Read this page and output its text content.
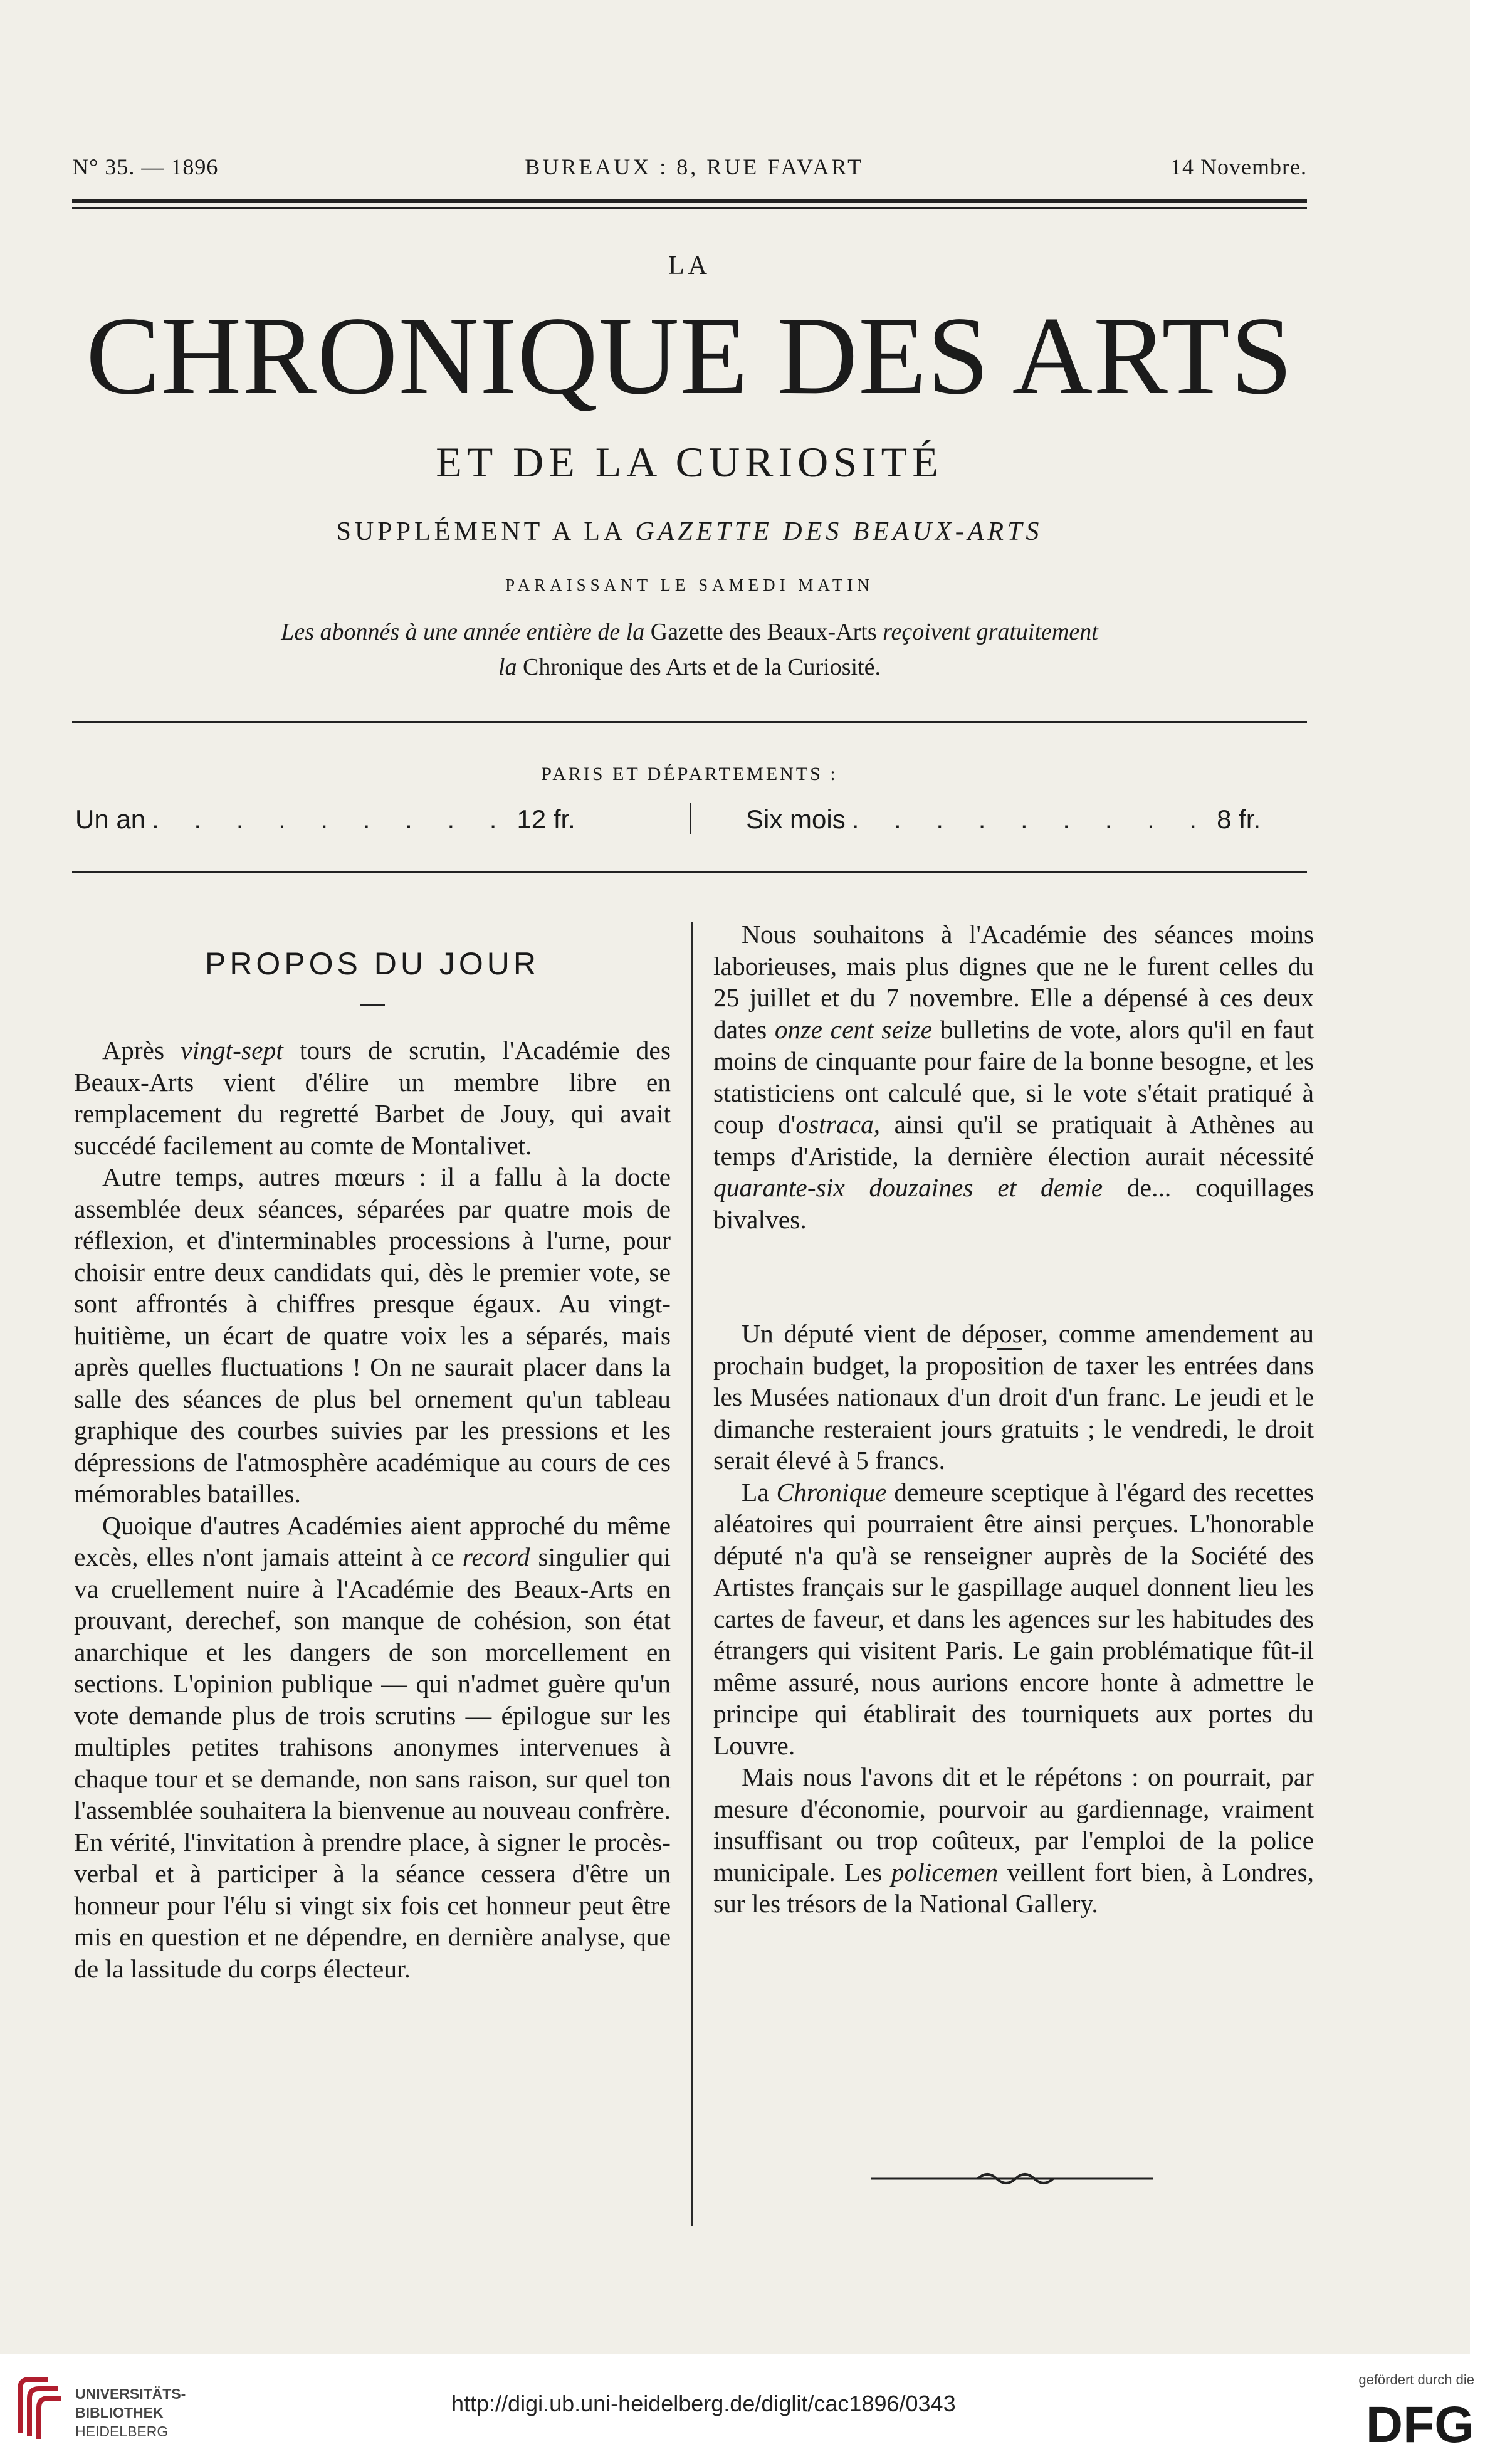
N° 35. — 1896	BUREAUX : 8, RUE FAVART	14 Novembre.
LA
CHRONIQUE DES ARTS
ET DE LA CURIOSITÉ
SUPPLÉMENT A LA GAZETTE DES BEAUX-ARTS
PARAISSANT LE SAMEDI MATIN
Les abonnés à une année entière de la Gazette des Beaux-Arts reçoivent gratuitement
la Chronique des Arts et de la Curiosité.
PARIS ET DÉPARTEMENTS :
Un an . . . . . . . . . 12 fr.	Six mois . . . . . . . . . 8 fr.
PROPOS DU JOUR

Après vingt-sept tours de scrutin, l'Académie des Beaux-Arts vient d'élire un membre libre en remplacement du regretté Barbet de Jouy, qui avait succédé facilement au comte de Montalivet.

Autre temps, autres mœurs : il a fallu à la docte assemblée deux séances, séparées par quatre mois de réflexion, et d'interminables processions à l'urne, pour choisir entre deux candidats qui, dès le premier vote, se sont affrontés à chiffres presque égaux. Au vingt-huitième, un écart de quatre voix les a séparés, mais après quelles fluctuations ! On ne saurait placer dans la salle des séances de plus bel ornement qu'un tableau graphique des courbes suivies par les pressions et les dépressions de l'atmosphère académique au cours de ces mémorables batailles.

Quoique d'autres Académies aient approché du même excès, elles n'ont jamais atteint à ce record singulier qui va cruellement nuire à l'Académie des Beaux-Arts en prouvant, derechef, son manque de cohésion, son état anarchique et les dangers de son morcellement en sections. L'opinion publique — qui n'admet guère qu'un vote demande plus de trois scrutins — épilogue sur les multiples petites trahisons anonymes intervenues à chaque tour et se demande, non sans raison, sur quel ton l'assemblée souhaitera la bienvenue au nouveau confrère. En vérité, l'invitation à prendre place, à signer le procès-verbal et à participer à la séance cessera d'être un honneur pour l'élu si vingt six fois cet honneur peut être mis en question et ne dépendre, en dernière analyse, que de la lassitude du corps électeur.

Nous souhaitons à l'Académie des séances moins laborieuses, mais plus dignes que ne le furent celles du 25 juillet et du 7 novembre. Elle a dépensé à ces deux dates onze cent seize bulletins de vote, alors qu'il en faut moins de cinquante pour faire de la bonne besogne, et les statisticiens ont calculé que, si le vote s'était pratiqué à coup d'ostraca, ainsi qu'il se pratiquait à Athènes au temps d'Aristide, la dernière élection aurait nécessité quarante-six douzaines et demie de... coquillages bivalves.

Un député vient de déposer, comme amendement au prochain budget, la proposition de taxer les entrées dans les Musées nationaux d'un droit d'un franc. Le jeudi et le dimanche resteraient jours gratuits ; le vendredi, le droit serait élevé à 5 francs.

La Chronique demeure sceptique à l'égard des recettes aléatoires qui pourraient être ainsi perçues. L'honorable député n'a qu'à se renseigner auprès de la Société des Artistes français sur le gaspillage auquel donnent lieu les cartes de faveur, et dans les agences sur les habitudes des étrangers qui visitent Paris. Le gain problématique fût-il même assuré, nous aurions encore honte à admettre le principe qui établirait des tourniquets aux portes du Louvre.

Mais nous l'avons dit et le répétons : on pourrait, par mesure d'économie, pourvoir au gardiennage, vraiment insuffisant ou trop coûteux, par l'emploi de la police municipale. Les policemen veillent fort bien, à Londres, sur les trésors de la National Gallery.

UNIVERSITÄTS-
BIBLIOTHEK
HEIDELBERG
http://digi.ub.uni-heidelberg.de/diglit/cac1896/0343
gefördert durch die
DFG
